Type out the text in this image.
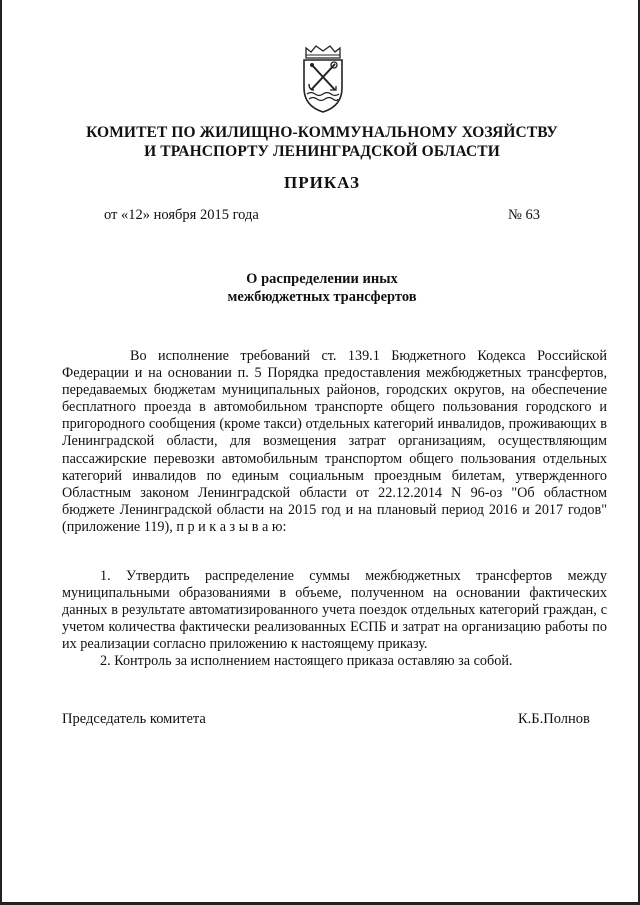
КОМИТЕТ ПО ЖИЛИЩНО-КОММУНАЛЬНОМУ ХОЗЯЙСТВУ
И ТРАНСПОРТУ ЛЕНИНГРАДСКОЙ ОБЛАСТИ
ПРИКАЗ
от «12» ноября 2015 года	№ 63
О распределении иных
межбюджетных трансфертов

Во исполнение требований ст. 139.1 Бюджетного Кодекса Российской Федерации и на основании п. 5 Порядка предоставления межбюджетных трансфертов, передаваемых бюджетам муниципальных районов, городских округов, на обеспечение бесплатного проезда в автомобильном транспорте общего пользования городского и пригородного сообщения (кроме такси) отдельных категорий инвалидов, проживающих в Ленинградской области, для возмещения затрат организациям, осуществляющим пассажирские перевозки автомобильным транспортом общего пользования отдельных категорий инвалидов по единым социальным проездным билетам, утвержденного Областным законом Ленинградской области от 22.12.2014 N 96-оз "Об областном бюджете Ленинградской области на 2015 год и на плановый период 2016 и 2017 годов" (приложение 119), п р и к а з ы в а ю:

1. Утвердить распределение суммы межбюджетных трансфертов между муниципальными образованиями в объеме, полученном на основании фактических данных в результате автоматизированного учета поездок отдельных категорий граждан, с учетом количества фактически реализованных ЕСПБ и затрат на организацию работы по их реализации согласно приложению к настоящему приказу.

2. Контроль за исполнением настоящего приказа оставляю за собой.

Председатель комитета	К.Б.Полнов
